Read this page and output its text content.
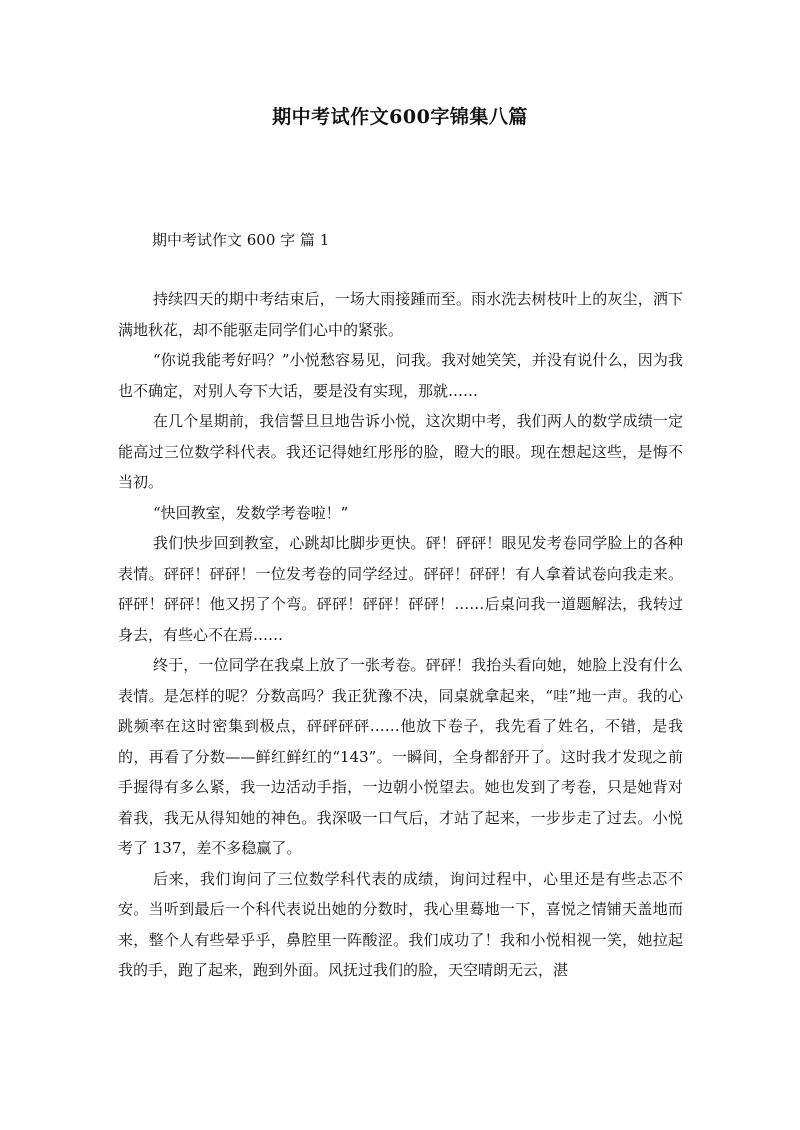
期中考试作文600字锦集八篇
期中考试作文 600 字 篇 1

持续四天的期中考结束后，一场大雨接踵而至。雨水洗去树枝叶上的灰尘，洒下满地秋花，却不能驱走同学们心中的紧张。

“你说我能考好吗？”小悦愁容易见，问我。我对她笑笑，并没有说什么，因为我也不确定，对别人夸下大话，要是没有实现，那就……

在几个星期前，我信誓旦旦地告诉小悦，这次期中考，我们两人的数学成绩一定能高过三位数学科代表。我还记得她红彤彤的脸，瞪大的眼。现在想起这些，是悔不当初。

“快回教室，发数学考卷啦！”

我们快步回到教室，心跳却比脚步更快。砰！砰砰！眼见发考卷同学脸上的各种表情。砰砰！砰砰！一位发考卷的同学经过。砰砰！砰砰！有人拿着试卷向我走来。砰砰！砰砰！他又拐了个弯。砰砰！砰砰！砰砰！……后桌问我一道题解法，我转过身去，有些心不在焉……

终于，一位同学在我桌上放了一张考卷。砰砰！我抬头看向她，她脸上没有什么表情。是怎样的呢？分数高吗？我正犹豫不决，同桌就拿起来，“哇”地一声。我的心跳频率在这时密集到极点，砰砰砰砰……他放下卷子，我先看了姓名，不错，是我的，再看了分数——鲜红鲜红的“143”。一瞬间，全身都舒开了。这时我才发现之前手握得有多么紧，我一边活动手指，一边朝小悦望去。她也发到了考卷，只是她背对着我，我无从得知她的神色。我深吸一口气后，才站了起来，一步步走了过去。小悦考了 137，差不多稳赢了。

后来，我们询问了三位数学科代表的成绩，询问过程中，心里还是有些忐忑不安。当听到最后一个科代表说出她的分数时，我心里蓦地一下，喜悦之情铺天盖地而来，整个人有些晕乎乎，鼻腔里一阵酸涩。我们成功了！我和小悦相视一笑，她拉起我的手，跑了起来，跑到外面。风抚过我们的脸，天空晴朗无云，湛
